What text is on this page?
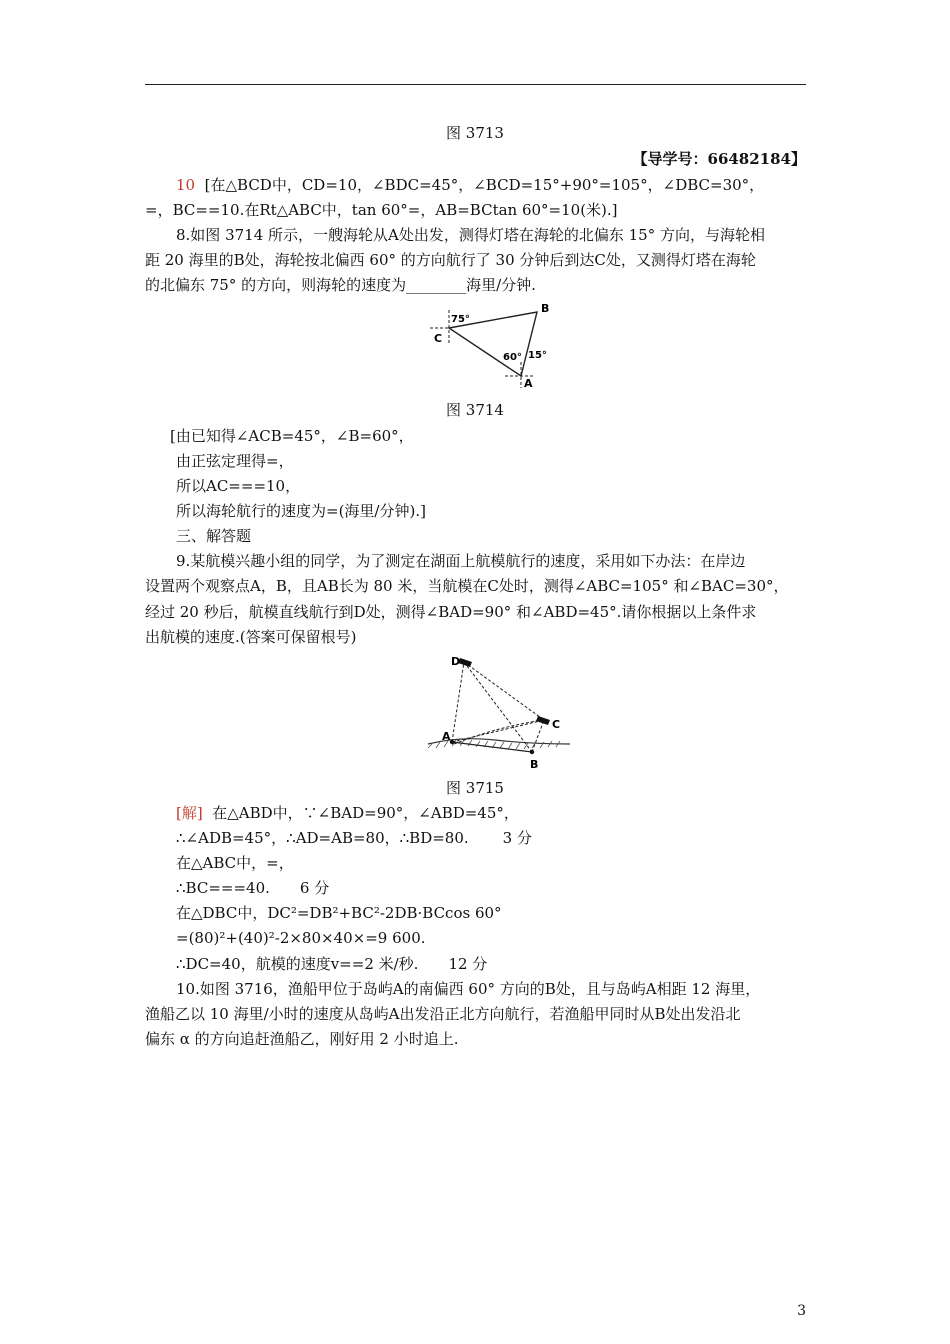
图 3713
【导学号：66482184】
10 [在△BCD中，CD=10，∠BDC=45°，∠BCD=15°+90°=105°，∠DBC=30°，
=，BC==10.在Rt△ABC中，tan 60°=，AB=BCtan 60°=10(米).]
8.如图 3714 所示，一艘海轮从A处出发，测得灯塔在海轮的北偏东 15° 方向，与海轮相
距 20 海里的B处，海轮按北偏西 60° 的方向航行了 30 分钟后到达C处，又测得灯塔在海轮
的北偏东 75° 的方向，则海轮的速度为________海里/分钟.
75°
B
C
60° 15°
A
图 3714
[由已知得∠ACB=45°，∠B=60°，
由正弦定理得=，
所以AC===10，
所以海轮航行的速度为=(海里/分钟).]
三、解答题
9.某航模兴趣小组的同学，为了测定在湖面上航模航行的速度，采用如下办法：在岸边
设置两个观察点A，B，且AB长为 80 米，当航模在C处时，测得∠ABC=105° 和∠BAC=30°，
经过 20 秒后，航模直线航行到D处，测得∠BAD=90° 和∠ABD=45°.请你根据以上条件求
出航模的速度.(答案可保留根号)
D
C
A
B
图 3715
[解] 在△ABD中，∵∠BAD=90°，∠ABD=45°，
∴∠ADB=45°，∴AD=AB=80，∴BD=80. 3 分
在△ABC中，=，
∴BC===40. 6 分
在△DBC中，DC²=DB²+BC²-2DB·BCcos 60°
=(80)²+(40)²-2×80×40×=9 600.
∴DC=40，航模的速度v==2 米/秒. 12 分
10.如图 3716，渔船甲位于岛屿A的南偏西 60° 方向的B处，且与岛屿A相距 12 海里，
渔船乙以 10 海里/小时的速度从岛屿A出发沿正北方向航行，若渔船甲同时从B处出发沿北
偏东 α 的方向追赶渔船乙，刚好用 2 小时追上.
3
